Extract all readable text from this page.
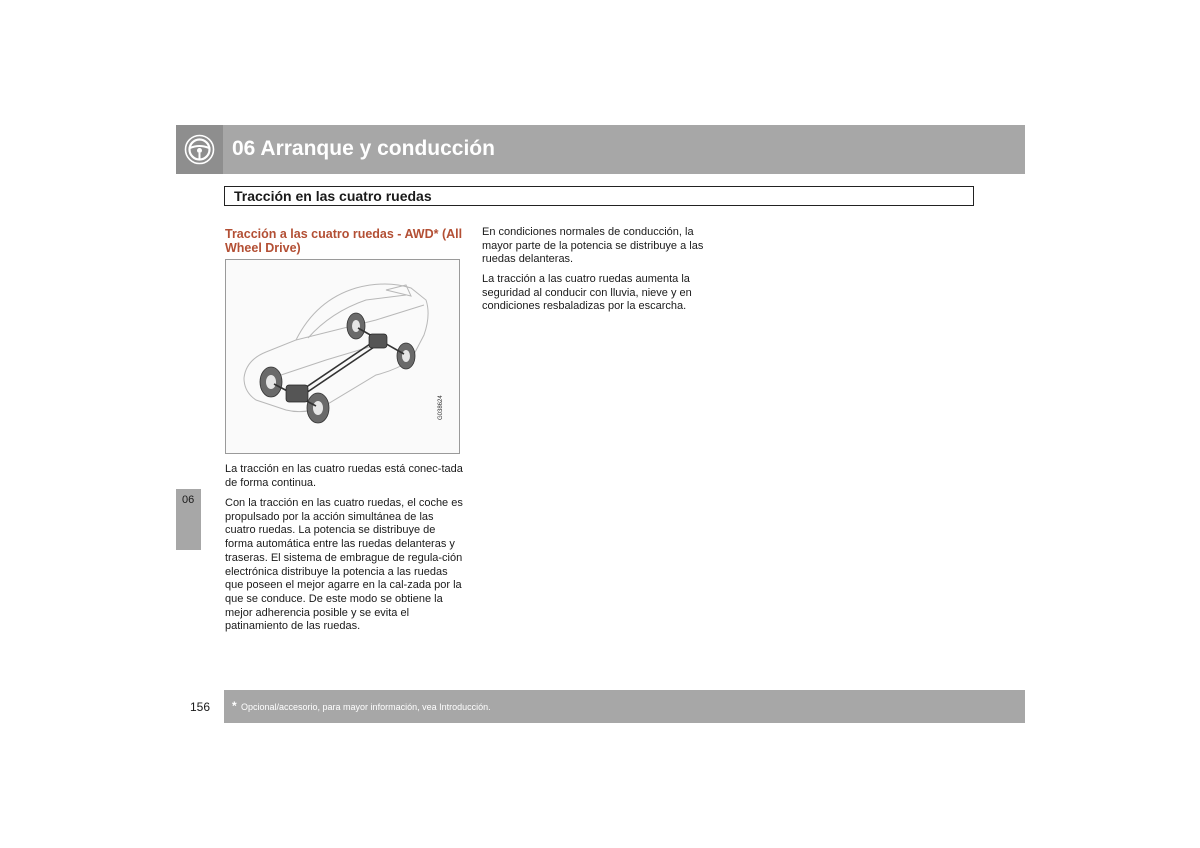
06 Arranque y conducción
Tracción en las cuatro ruedas
06
Tracción a las cuatro ruedas - AWD* (All Wheel Drive)
G038624

La tracción en las cuatro ruedas está conec-tada de forma continua.

Con la tracción en las cuatro ruedas, el coche es propulsado por la acción simultánea de las cuatro ruedas. La potencia se distribuye de forma automática entre las ruedas delanteras y traseras. El sistema de embrague de regula-ción electrónica distribuye la potencia a las ruedas que poseen el mejor agarre en la cal-zada por la que se conduce. De este modo se obtiene la mejor adherencia posible y se evita el patinamiento de las ruedas.

En condiciones normales de conducción, la mayor parte de la potencia se distribuye a las ruedas delanteras.

La tracción a las cuatro ruedas aumenta la seguridad al conducir con lluvia, nieve y en condiciones resbaladizas por la escarcha.

156 * Opcional/accesorio, para mayor información, vea Introducción.
